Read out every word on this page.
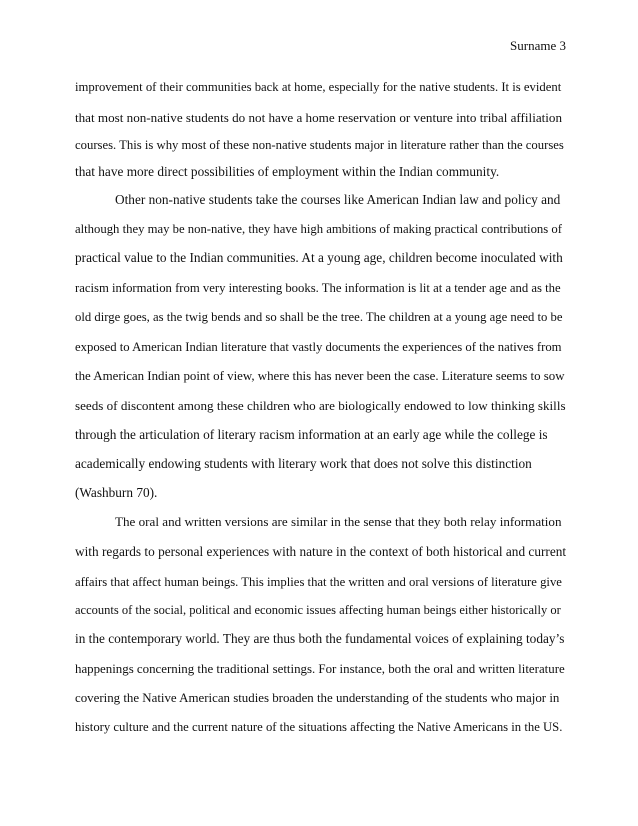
Surname 3
improvement of their communities back at home, especially for the native students. It is evident
that most non-native students do not have a home reservation or venture into tribal affiliation
courses. This is why most of these non-native students major in literature rather than the courses
that have more direct possibilities of employment within the Indian community.
Other non-native students take the courses like American Indian law and policy and
although they may be non-native, they have high ambitions of making practical contributions of
practical value to the Indian communities. At a young age, children become inoculated with
racism information from very interesting books. The information is lit at a tender age and as the
old dirge goes, as the twig bends and so shall be the tree. The children at a young age need to be
exposed to American Indian literature that vastly documents the experiences of the natives from
the American Indian point of view, where this has never been the case. Literature seems to sow
seeds of discontent among these children who are biologically endowed to low thinking skills
through the articulation of literary racism information at an early age while the college is
academically endowing students with literary work that does not solve this distinction
(Washburn 70).
The oral and written versions are similar in the sense that they both relay information
with regards to personal experiences with nature in the context of both historical and current
affairs that affect human beings. This implies that the written and oral versions of literature give
accounts of the social, political and economic issues affecting human beings either historically or
in the contemporary world. They are thus both the fundamental voices of explaining today’s
happenings concerning the traditional settings. For instance, both the oral and written literature
covering the Native American studies broaden the understanding of the students who major in
history culture and the current nature of the situations affecting the Native Americans in the US.
